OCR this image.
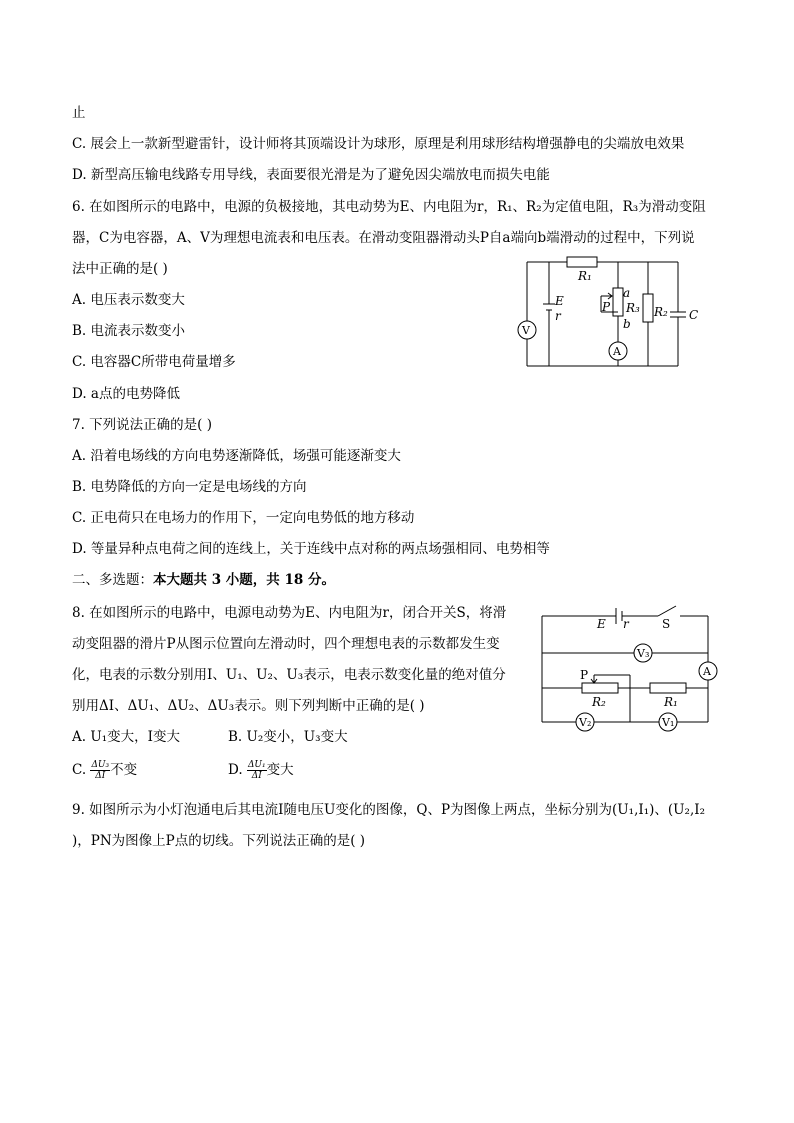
止
C. 展会上一款新型避雷针，设计师将其顶端设计为球形，原理是利用球形结构增强静电的尖端放电效果
D. 新型高压输电线路专用导线，表面要很光滑是为了避免因尖端放电而损失电能
6. 在如图所示的电路中，电源的负极接地，其电动势为E、内电阻为r，R₁、R₂为定值电阻，R₃为滑动变阻
器，C为电容器，A、V为理想电流表和电压表。在滑动变阻器滑动头P自a端向b端滑动的过程中，下列说
法中正确的是( )
A. 电压表示数变大
B. 电流表示数变小
C. 电容器C所带电荷量增多
D. a点的电势降低
7. 下列说法正确的是( )
A. 沿着电场线的方向电势逐渐降低，场强可能逐渐变大
B. 电势降低的方向一定是电场线的方向
C. 正电荷只在电场力的作用下，一定向电势低的地方移动
D. 等量异种点电荷之间的连线上，关于连线中点对称的两点场强相同、电势相等
二、多选题：本大题共 3 小题，共 18 分。
8. 在如图所示的电路中，电源电动势为E、内电阻为r，闭合开关S，将滑
动变阻器的滑片P从图示位置向左滑动时，四个理想电表的示数都发生变
化，电表的示数分别用I、U₁、U₂、U₃表示，电表示数变化量的绝对值分
别用ΔI、ΔU₁、ΔU₂、ΔU₃表示。则下列判断中正确的是( )
A. U₁变大，I变大	B. U₂变小，U₃变大
C. $\frac{\text{ΔU₃}}{\Delta I}$ 不变	D. $\frac{\text{ΔU₁}}{\Delta I}$ 变大
9. 如图所示为小灯泡通电后其电流I随电压U变化的图像，Q、P为图像上两点，坐标分别为(U₁,I₁)、(U₂,I₂
)，PN为图像上P点的切线。下列说法正确的是( )
R₁
E
r
V
a
P R₃
b
A
R₂ C
E r	S
V₃
A
P
R₂	R₁
V₂	V₁
